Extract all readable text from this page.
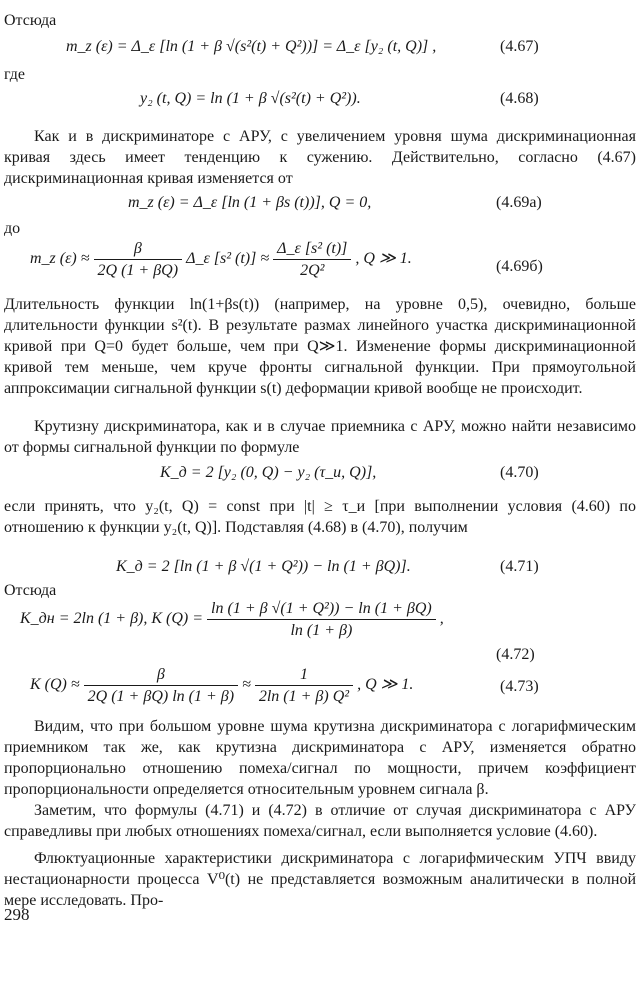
Отсюда
m_z (ε) = Δ_ε [ln (1 + β √(s²(t) + Q²))] = Δ_ε [y₂ (t, Q)] ,	(4.67)
где
y₂ (t, Q) = ln (1 + β √(s²(t) + Q²)).	(4.68)
Как и в дискриминаторе с АРУ, с увеличением уровня шума дискриминационная кривая здесь имеет тенденцию к сужению. Действительно, согласно (4.67) дискриминационная кривая изменяется от
m_z (ε) = Δ_ε [ln (1 + βs (t))], Q = 0,	(4.69а)
до
m_z $(\varepsilon) \approx \frac{\beta}{2Q (1 + \beta Q)}$ Δ_ε [s² $(t)] \approx \frac{\text{Δ\_ε [s² (t)]}}{\text{2Q²}}$ , Q ≫ 1.	(4.69б)
Длительность функции ln(1+βs(t)) (например, на уровне 0,5), очевидно, больше длительности функции s²(t). В результате размах линейного участка дискриминационной кривой при Q=0 будет больше, чем при Q≫1. Изменение формы дискриминационной кривой тем меньше, чем круче фронты сигнальной функции. При прямоугольной аппроксимации сигнальной функции s(t) деформации кривой вообще не происходит.
Крутизну дискриминатора, как и в случае приемника с АРУ, можно найти независимо от формы сигнальной функции по формуле
K_д = 2 [y₂ (0, Q) − y₂ (τ_и, Q)],	(4.70)
если принять, что y₂(t, Q) = const при |t| ≥ τ_и [при выполнении условия (4.60) по отношению к функции y₂(t, Q)]. Подставляя (4.68) в (4.70), получим
K_д = 2 [ln (1 + β √(1 + Q²)) − ln (1 + βQ)].	(4.71)
Отсюда
K_дн = 2ln (1 + β), K $(Q) = \frac{\text{ln (1 + β √(1 + Q²)) − ln (1 + βQ)}}{\ln (1 + \beta)}$ ,
(4.72)
K $(Q) \approx \frac{\beta}{2Q (1 + \beta Q) \ln (1 + \beta)} \approx \frac{1}{\text{2ln (1 + β) Q²}}$ , Q ≫ 1.	(4.73)
Видим, что при большом уровне шума крутизна дискриминатора с логарифмическим приемником так же, как крутизна дискриминатора с АРУ, изменяется обратно пропорционально отношению помеха/сигнал по мощности, причем коэффициент пропорциональности определяется относительным уровнем сигнала β.
Заметим, что формулы (4.71) и (4.72) в отличие от случая дискриминатора с АРУ справедливы при любых отношениях помеха/сигнал, если выполняется условие (4.60).
Флюктуационные характеристики дискриминатора с логарифмическим УПЧ ввиду нестационарности процесса V⁰(t) не представляется возможным аналитически в полной мере исследовать. Про-
298
